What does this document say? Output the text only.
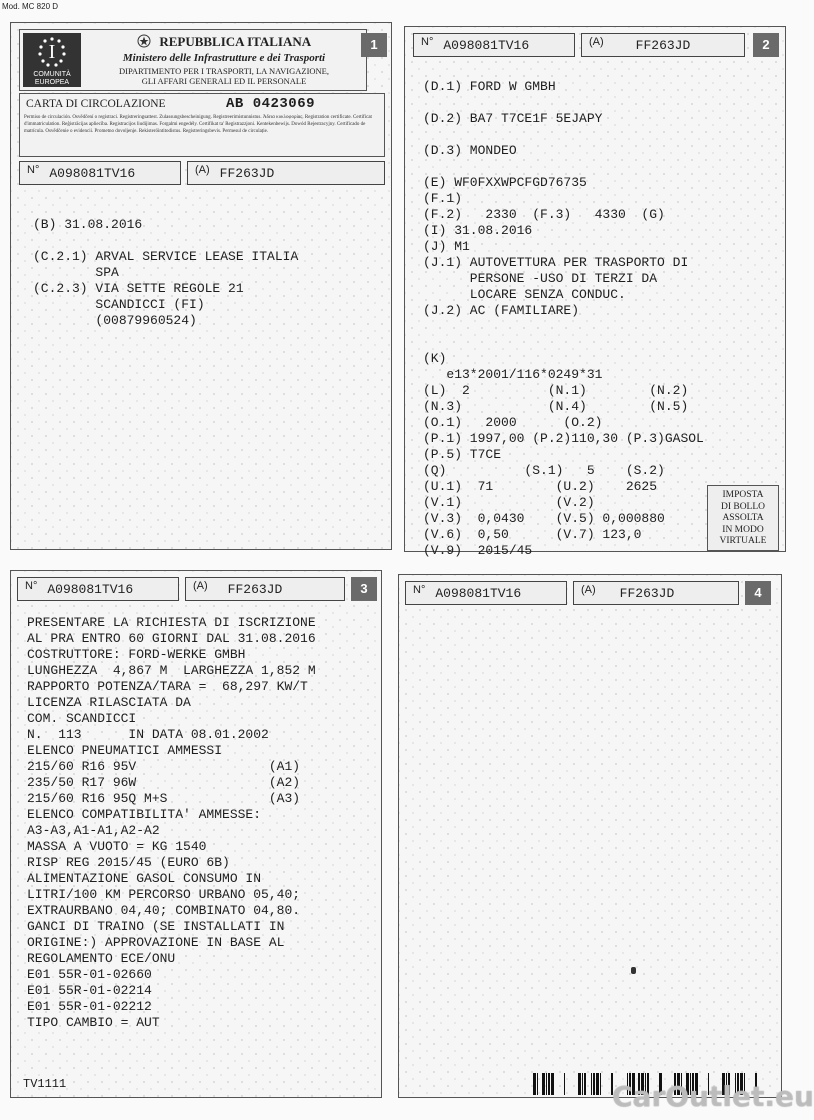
Mod. MC 820 D
I
COMUNITÀ EUROPEA
REPUBBLICA ITALIANA
Ministero delle Infrastrutture e dei Trasporti
DIPARTIMENTO PER I TRASPORTI, LA NAVIGAZIONE,
GLI AFFARI GENERALI ED IL PERSONALE
1
CARTA DI CIRCOLAZIONE	AB 0423069
Permiso de circulación. Osvědčení o registraci. Registreringsattest. Zulassungsbescheinigung. Registreerimistunnistus. Άδεια κυκλοφορίας. Registration certificate. Certificat d'immatriculation. Reģistrācijas apliecība. Registracijos liudijimas. Forgalmi engedély. Certifikat ta' Registrazzjoni. Kentekenbewijs. Dowód Rejestracyjny. Certificado de matrícula. Osvědčenie o evidencii. Prometno dovoljenje. Rekisteröintitodistus. Registreringsbevis. Permesul de circulație.
N° A098081TV16	(A) FF263JD
(B) 31.08.2016

(C.2.1) ARVAL SERVICE LEASE ITALIA
SPA
(C.2.3) VIA SETTE REGOLE 21
SCANDICCI (FI)
(00879960524)
N° A098081TV16	(A) FF263JD	2
(D.1) FORD W GMBH

(D.2) BA7 T7CE1F 5EJAPY

(D.3) MONDEO

(E) WF0FXXWPCFGD76735
(F.1)
(F.2)   2330  (F.3)   4330  (G)
(I) 31.08.2016
(J) M1
(J.1) AUTOVETTURA PER TRASPORTO DI
PERSONE -USO DI TERZI DA
LOCARE SENZA CONDUC.
(J.2) AC (FAMILIARE)

(K)
e13*2001/116*0249*31
(L)  2          (N.1)        (N.2)
(N.3)           (N.4)        (N.5)
(O.1)   2000      (O.2)
(P.1) 1997,00 (P.2)110,30 (P.3)GASOL
(P.5) T7CE
(Q)          (S.1)   5    (S.2)
(U.1)  71        (U.2)    2625
(V.1)            (V.2)
(V.3)  0,0430    (V.5) 0,000880
(V.6)  0,50      (V.7) 123,0
(V.9)  2015/45
IMPOSTA
DI BOLLO
ASSOLTA
IN MODO
VIRTUALE
N° A098081TV16	(A) FF263JD	3
PRESENTARE LA RICHIESTA DI ISCRIZIONE
AL PRA ENTRO 60 GIORNI DAL 31.08.2016
COSTRUTTORE: FORD-WERKE GMBH
LUNGHEZZA  4,867 M  LARGHEZZA 1,852 M
RAPPORTO POTENZA/TARA =  68,297 KW/T
LICENZA RILASCIATA DA
COM. SCANDICCI
N.  113      IN DATA 08.01.2002
ELENCO PNEUMATICI AMMESSI
215/60 R16 95V                 (A1)
235/50 R17 96W                 (A2)
215/60 R16 95Q M+S             (A3)
ELENCO COMPATIBILITA' AMMESSE:
A3-A3,A1-A1,A2-A2
MASSA A VUOTO = KG 1540
RISP REG 2015/45 (EURO 6B)
ALIMENTAZIONE GASOL CONSUMO IN
LITRI/100 KM PERCORSO URBANO 05,40;
EXTRAURBANO 04,40; COMBINATO 04,80.
GANCI DI TRAINO (SE INSTALLATI IN
ORIGINE:) APPROVAZIONE IN BASE AL
REGOLAMENTO ECE/ONU
E01 55R-01-02660
E01 55R-01-02214
E01 55R-01-02212
TIPO CAMBIO = AUT
TV1111
N° A098081TV16	(A) FF263JD	4
CarOutlet.eu
